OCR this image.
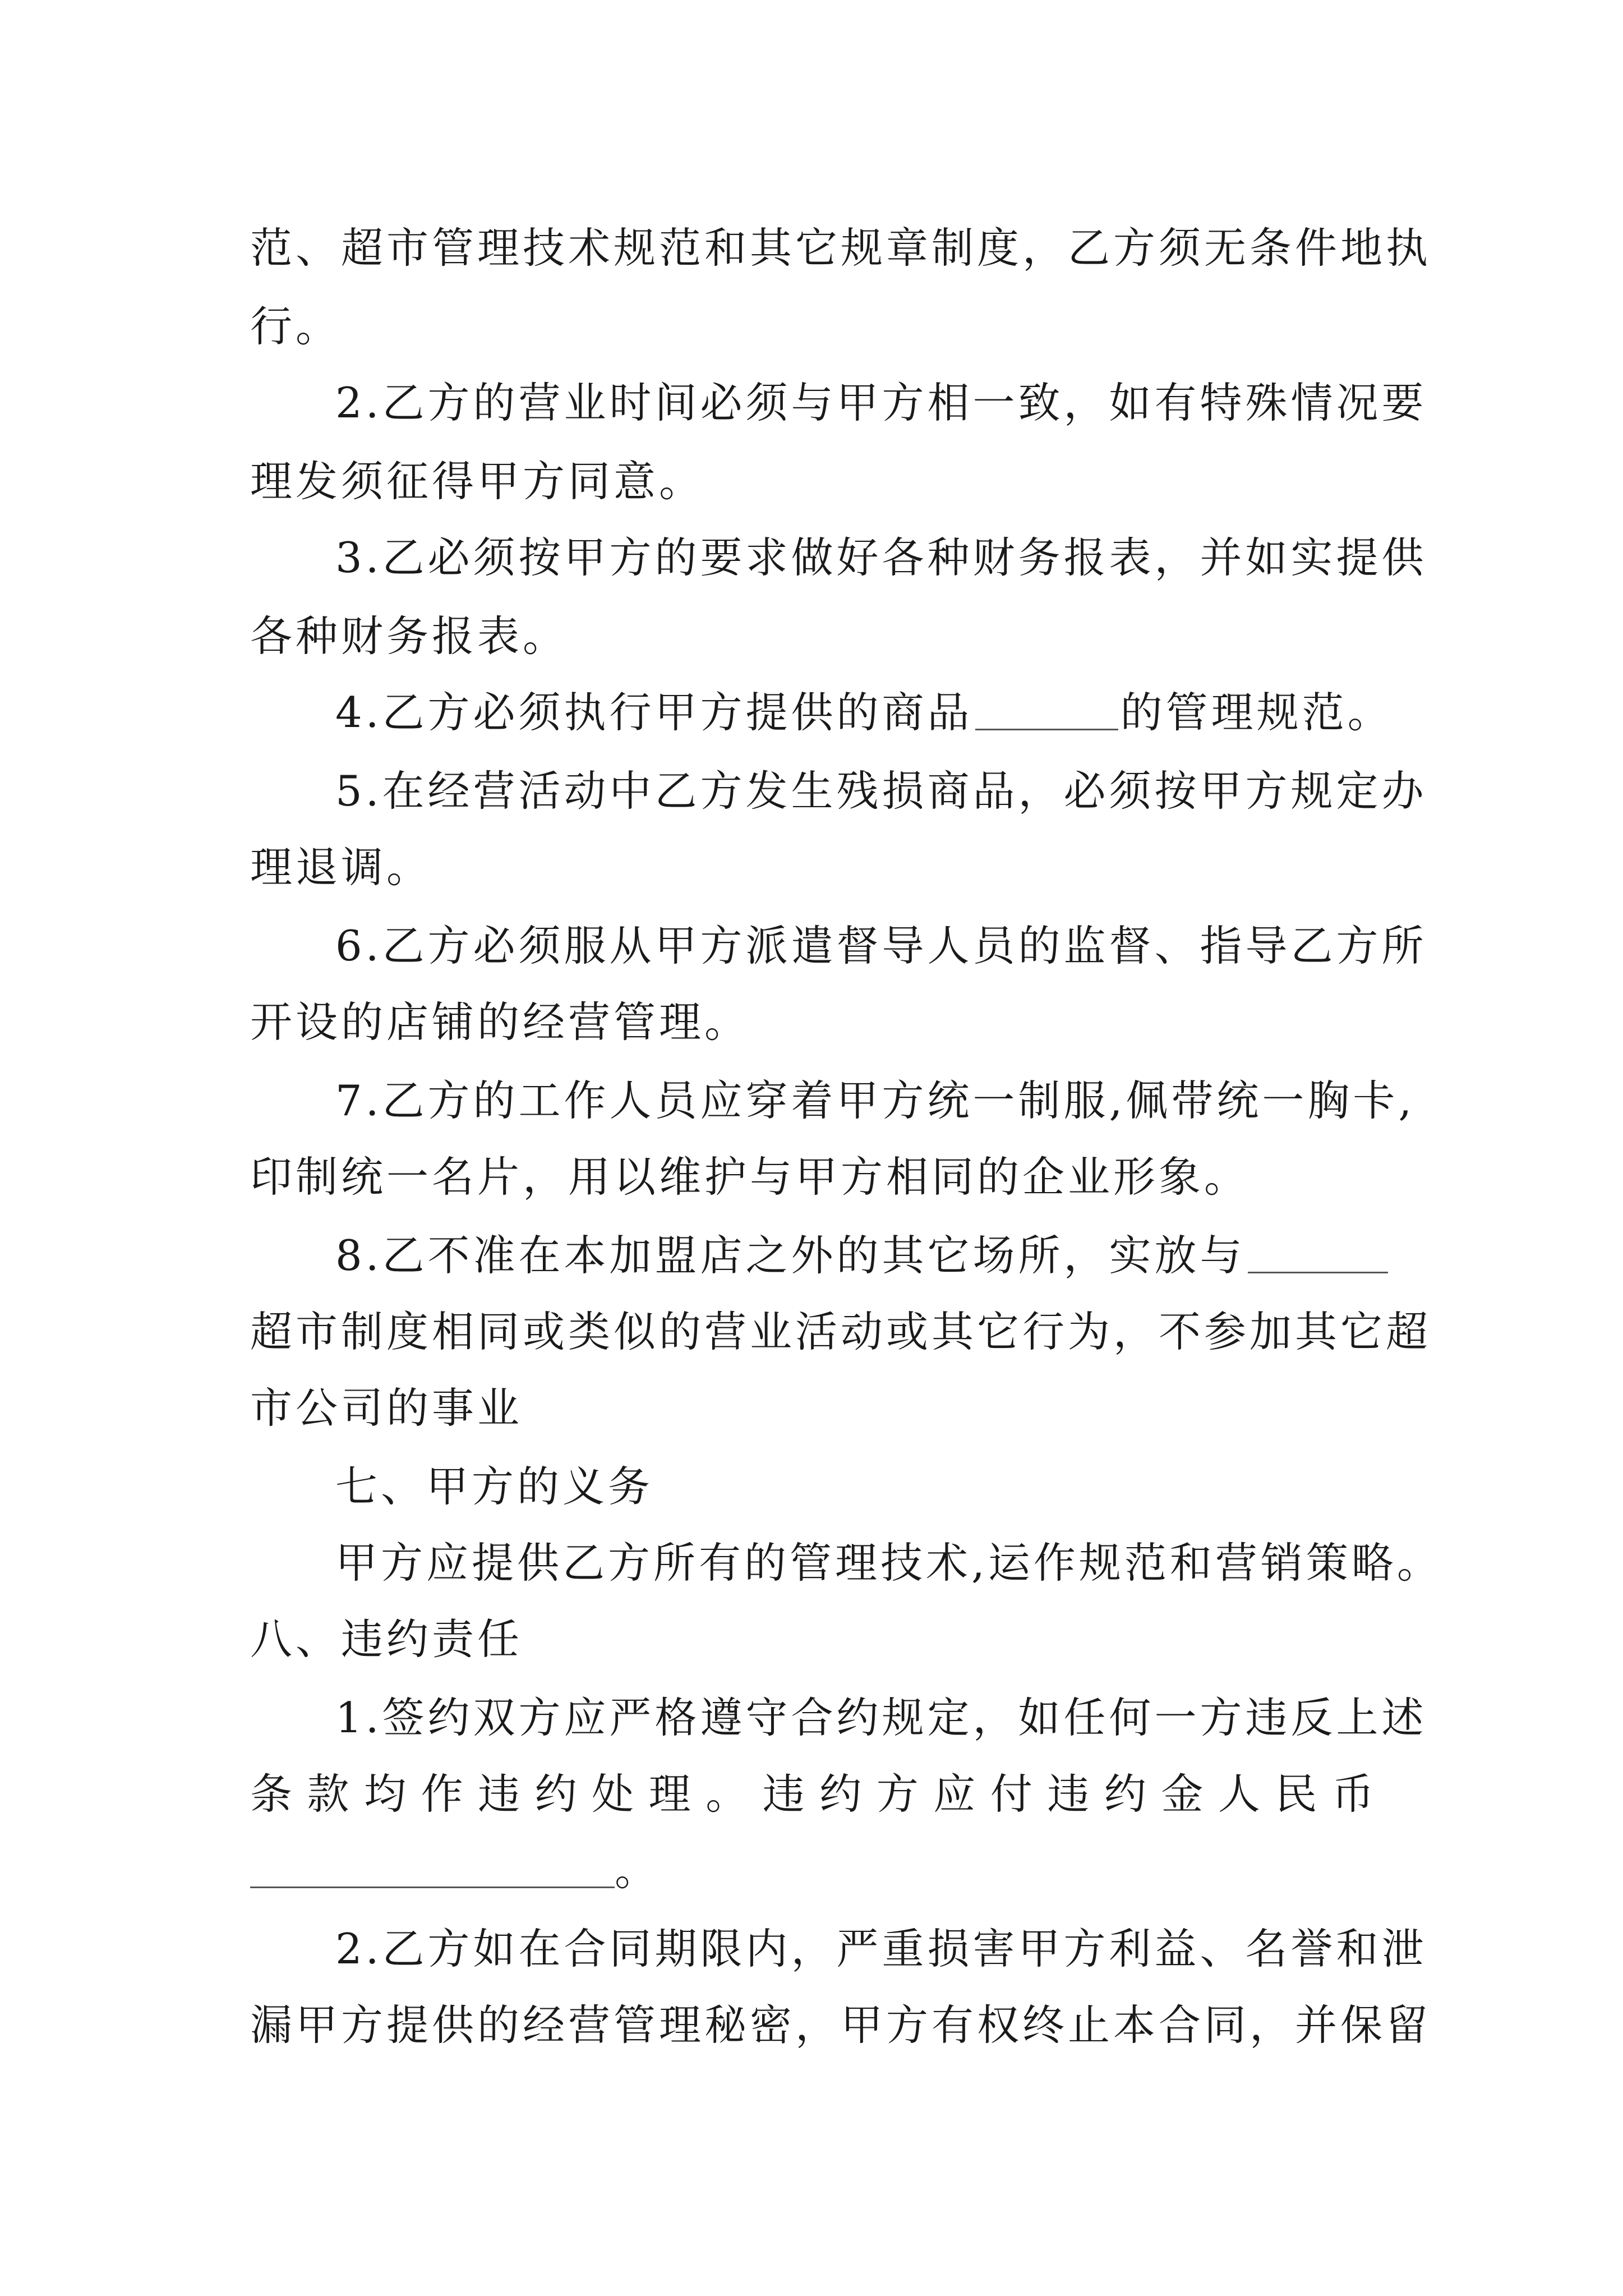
范、超市管理技术规范和其它规章制度，乙方须无条件地执
行。
2.乙方的营业时间必须与甲方相一致，如有特殊情况要
理发须征得甲方同意。
3.乙必须按甲方的要求做好各种财务报表，并如实提供
各种财务报表。
4.乙方必须执行甲方提供的商品	的管理规范。
5.在经营活动中乙方发生残损商品，必须按甲方规定办
理退调。
6.乙方必须服从甲方派遣督导人员的监督、指导乙方所
开设的店铺的经营管理。
7.乙方的工作人员应穿着甲方统一制服,佩带统一胸卡,
印制统一名片，用以维护与甲方相同的企业形象。
8.乙不准在本加盟店之外的其它场所，实放与
超市制度相同或类似的营业活动或其它行为，不参加其它超
市公司的事业
七、甲方的义务
甲方应提供乙方所有的管理技术,运作规范和营销策略。
八、违约责任
1.签约双方应严格遵守合约规定，如任何一方违反上述
条款均作违约处理。违约方应付违约金人民币
。
2.乙方如在合同期限内，严重损害甲方利益、名誉和泄
漏甲方提供的经营管理秘密，甲方有权终止本合同，并保留
